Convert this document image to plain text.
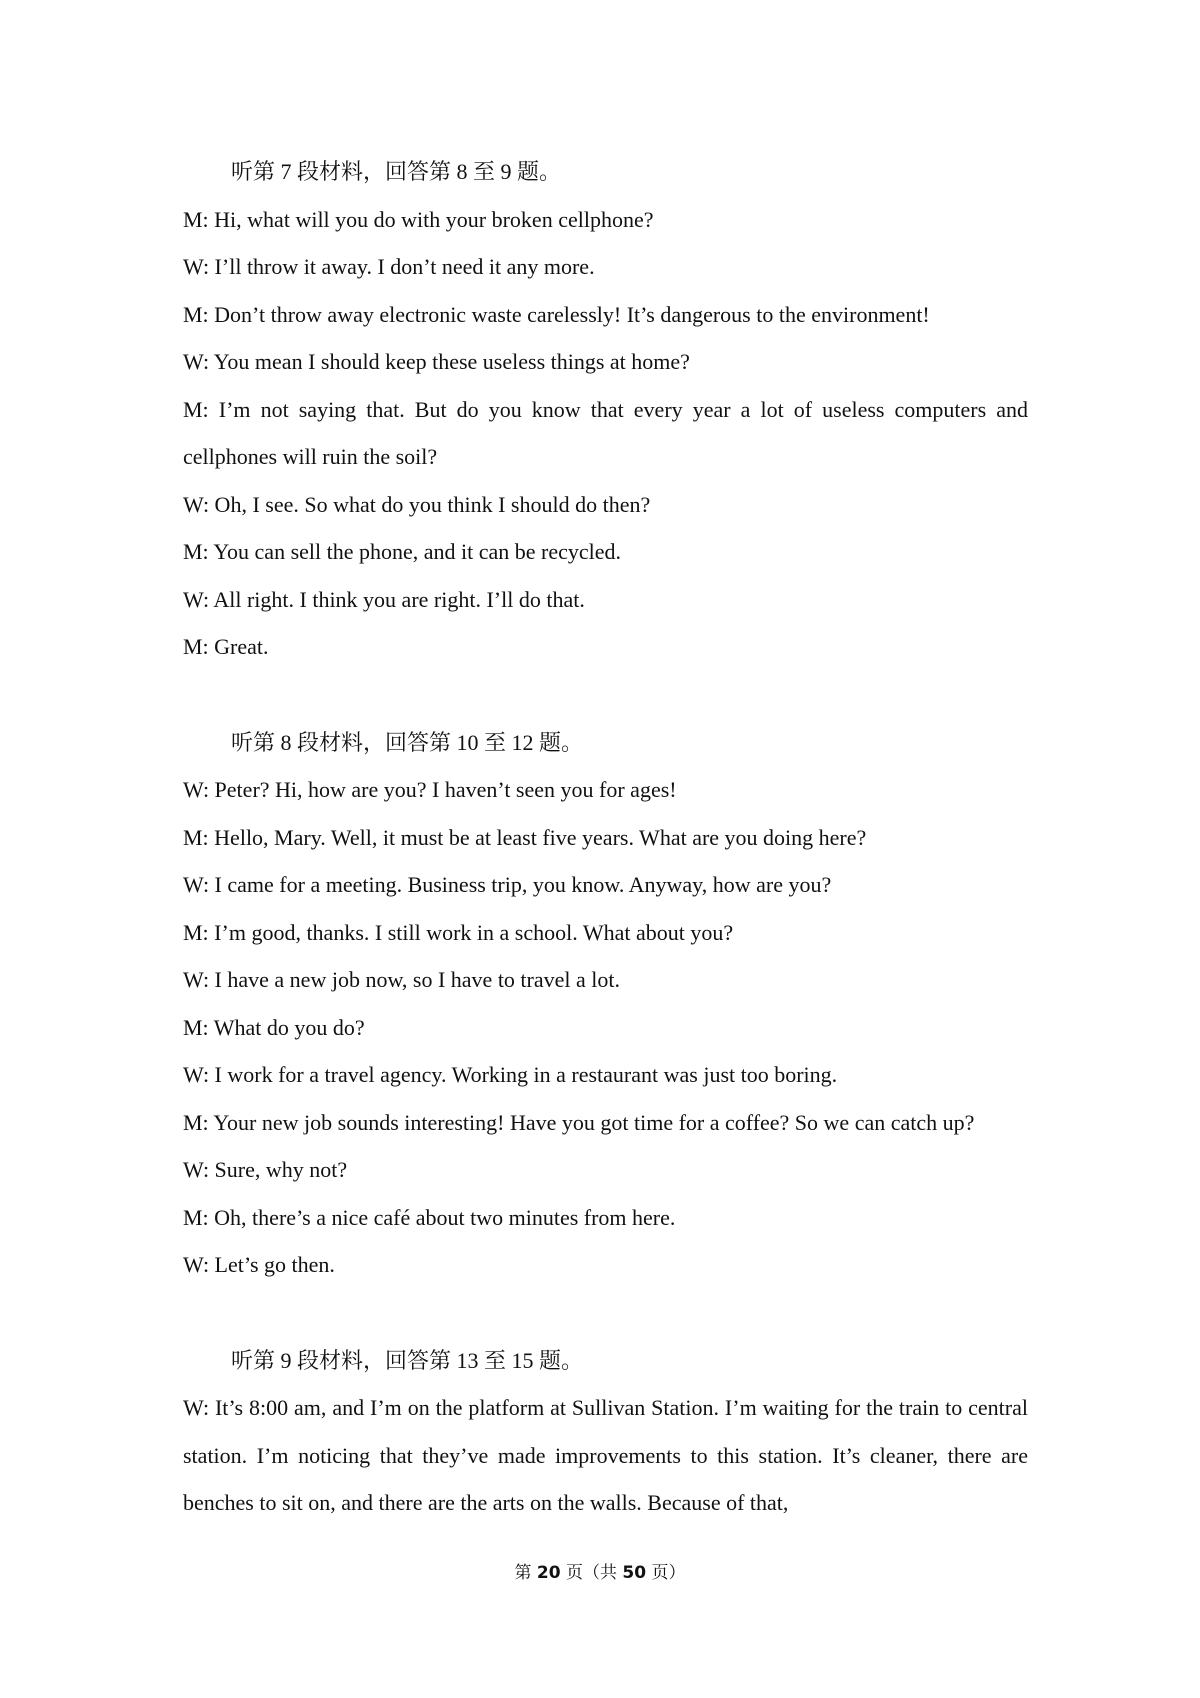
听第 7 段材料，回答第 8 至 9 题。
M: Hi, what will you do with your broken cellphone?
W: I’ll throw it away. I don’t need it any more.
M: Don’t throw away electronic waste carelessly! It’s dangerous to the environment!
W: You mean I should keep these useless things at home?
M: I’m not saying that. But do you know that every year a lot of useless computers and cellphones will ruin the soil?
W: Oh, I see. So what do you think I should do then?
M: You can sell the phone, and it can be recycled.
W: All right. I think you are right. I’ll do that.
M: Great.
听第 8 段材料，回答第 10 至 12 题。
W: Peter? Hi, how are you? I haven’t seen you for ages!
M: Hello, Mary. Well, it must be at least five years. What are you doing here?
W: I came for a meeting. Business trip, you know. Anyway, how are you?
M: I’m good, thanks. I still work in a school. What about you?
W: I have a new job now, so I have to travel a lot.
M: What do you do?
W: I work for a travel agency. Working in a restaurant was just too boring.
M: Your new job sounds interesting! Have you got time for a coffee? So we can catch up?
W: Sure, why not?
M: Oh, there’s a nice café about two minutes from here.
W: Let’s go then.
听第 9 段材料，回答第 13 至 15 题。
W: It’s 8:00 am, and I’m on the platform at Sullivan Station. I’m waiting for the train to central station. I’m noticing that they’ve made improvements to this station. It’s cleaner, there are benches to sit on, and there are the arts on the walls. Because of that,
第 20 页（共 50 页）
